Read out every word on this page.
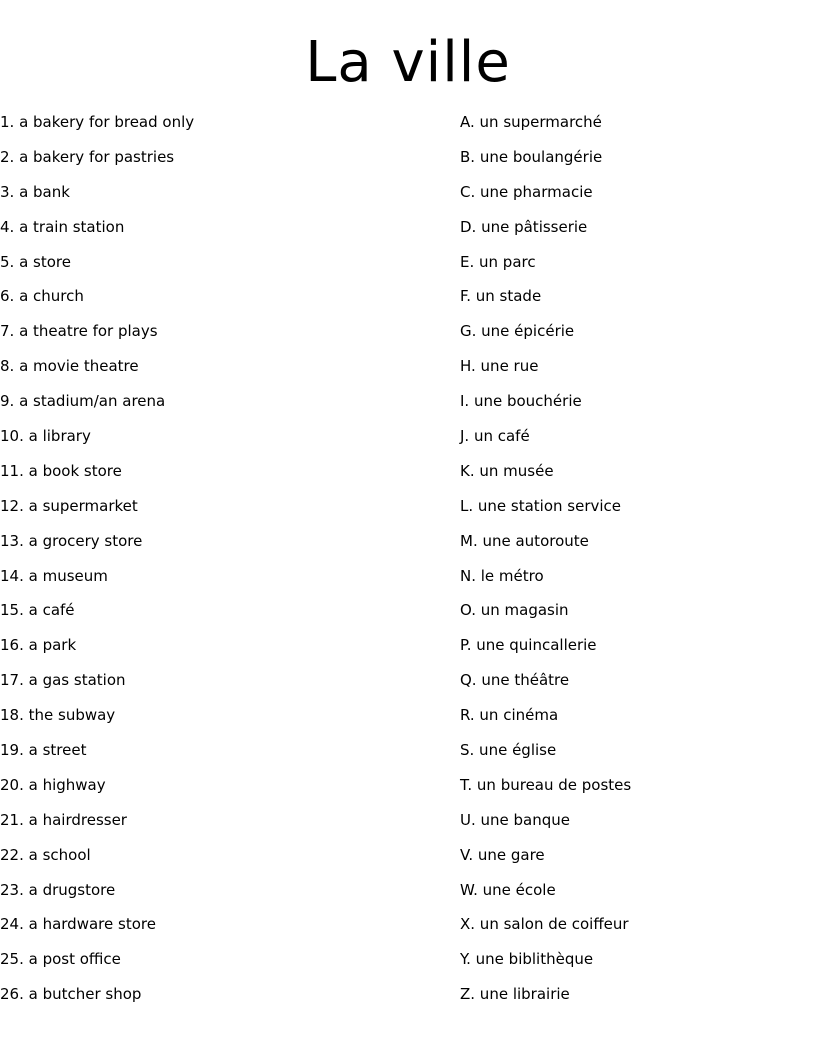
La ville
1. a bakery for bread only
2. a bakery for pastries
3. a bank
4. a train station
5. a store
6. a church
7. a theatre for plays
8. a movie theatre
9. a stadium/an arena
10. a library
11. a book store
12. a supermarket
13. a grocery store
14. a museum
15. a café
16. a park
17. a gas station
18. the subway
19. a street
20. a highway
21. a hairdresser
22. a school
23. a drugstore
24. a hardware store
25. a post office
26. a butcher shop
A. un supermarché
B. une boulangérie
C. une pharmacie
D. une pâtisserie
E. un parc
F. un stade
G. une épicérie
H. une rue
I. une bouchérie
J. un café
K. un musée
L. une station service
M. une autoroute
N. le métro
O. un magasin
P. une quincallerie
Q. une théâtre
R. un cinéma
S. une église
T. un bureau de postes
U. une banque
V. une gare
W. une école
X. un salon de coiffeur
Y. une biblithèque
Z. une librairie
